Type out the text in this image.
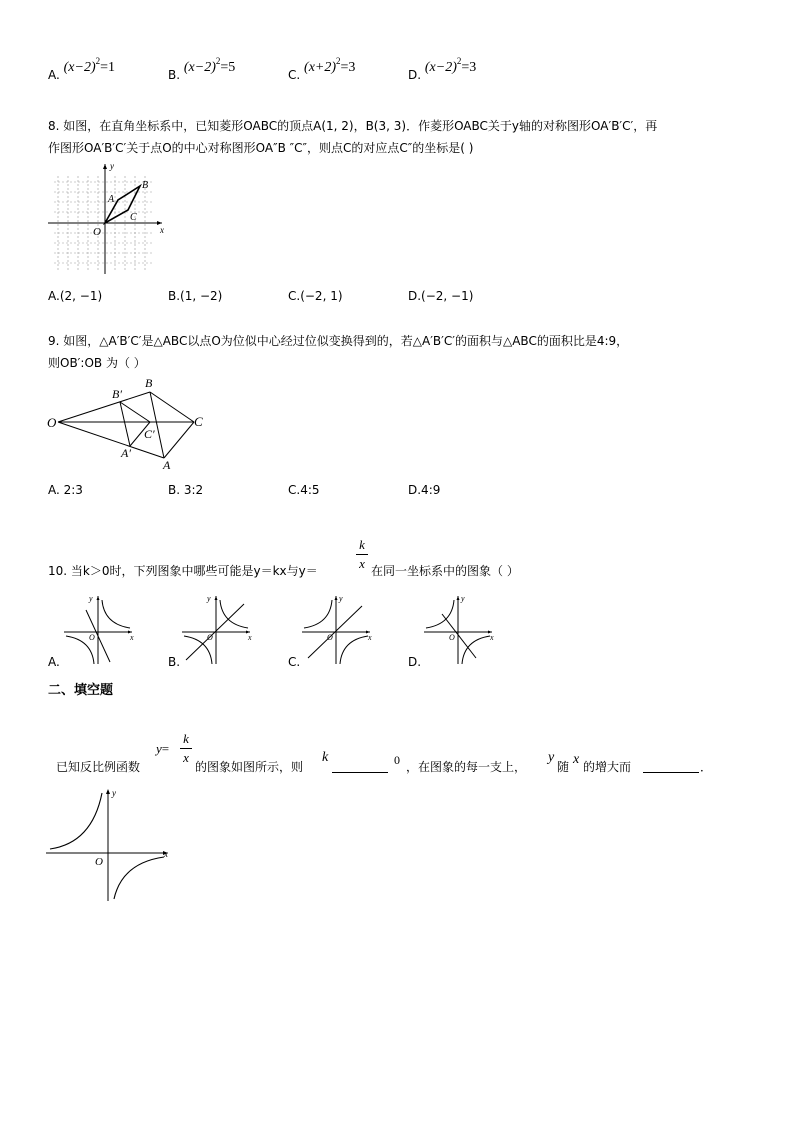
A. $(x-2)^2=1$	B. $(x-2)^2=5$	C. $(x+2)^2=3$	D. $(x-2)^2=3$
8. 如图，在直角坐标系中，已知菱形OABC的顶点A(1, 2)，B(3, 3)．作菱形OABC关于y轴的对称图形OA′B′C′，再
作图形OA′B′C′关于点O的中心对称图形OA″B ″C″，则点C的对应点C″的坐标是( )
y
x
O
A
B
C
A.(2, −1)	B.(1, −2)	C.(−2, 1)	D.(−2, −1)
9. 如图，△A′B′C′是△ABC以点O为位似中心经过位似变换得到的，若△A′B′C′的面积与△ABC的面积比是4:9，
则OB′:OB 为（ ）
O
B
B′
C
C′
A′
A
A. 2:3	B. 3:2	C.4:5	D.4:9
10. 当k＞0时，下列图象中哪些可能是y＝kx与y＝
k
x 在同一坐标系中的图象（ ）
y
x
O
y
x
O
y
x
O
y
x
O
A.	B.	C.	D.
二、填空题
已知反比例函数
y=
k
x
的图象如图所示，则
k	0 ，在图象的每一支上，
y
随 x 的增大而	．
y
x
O
